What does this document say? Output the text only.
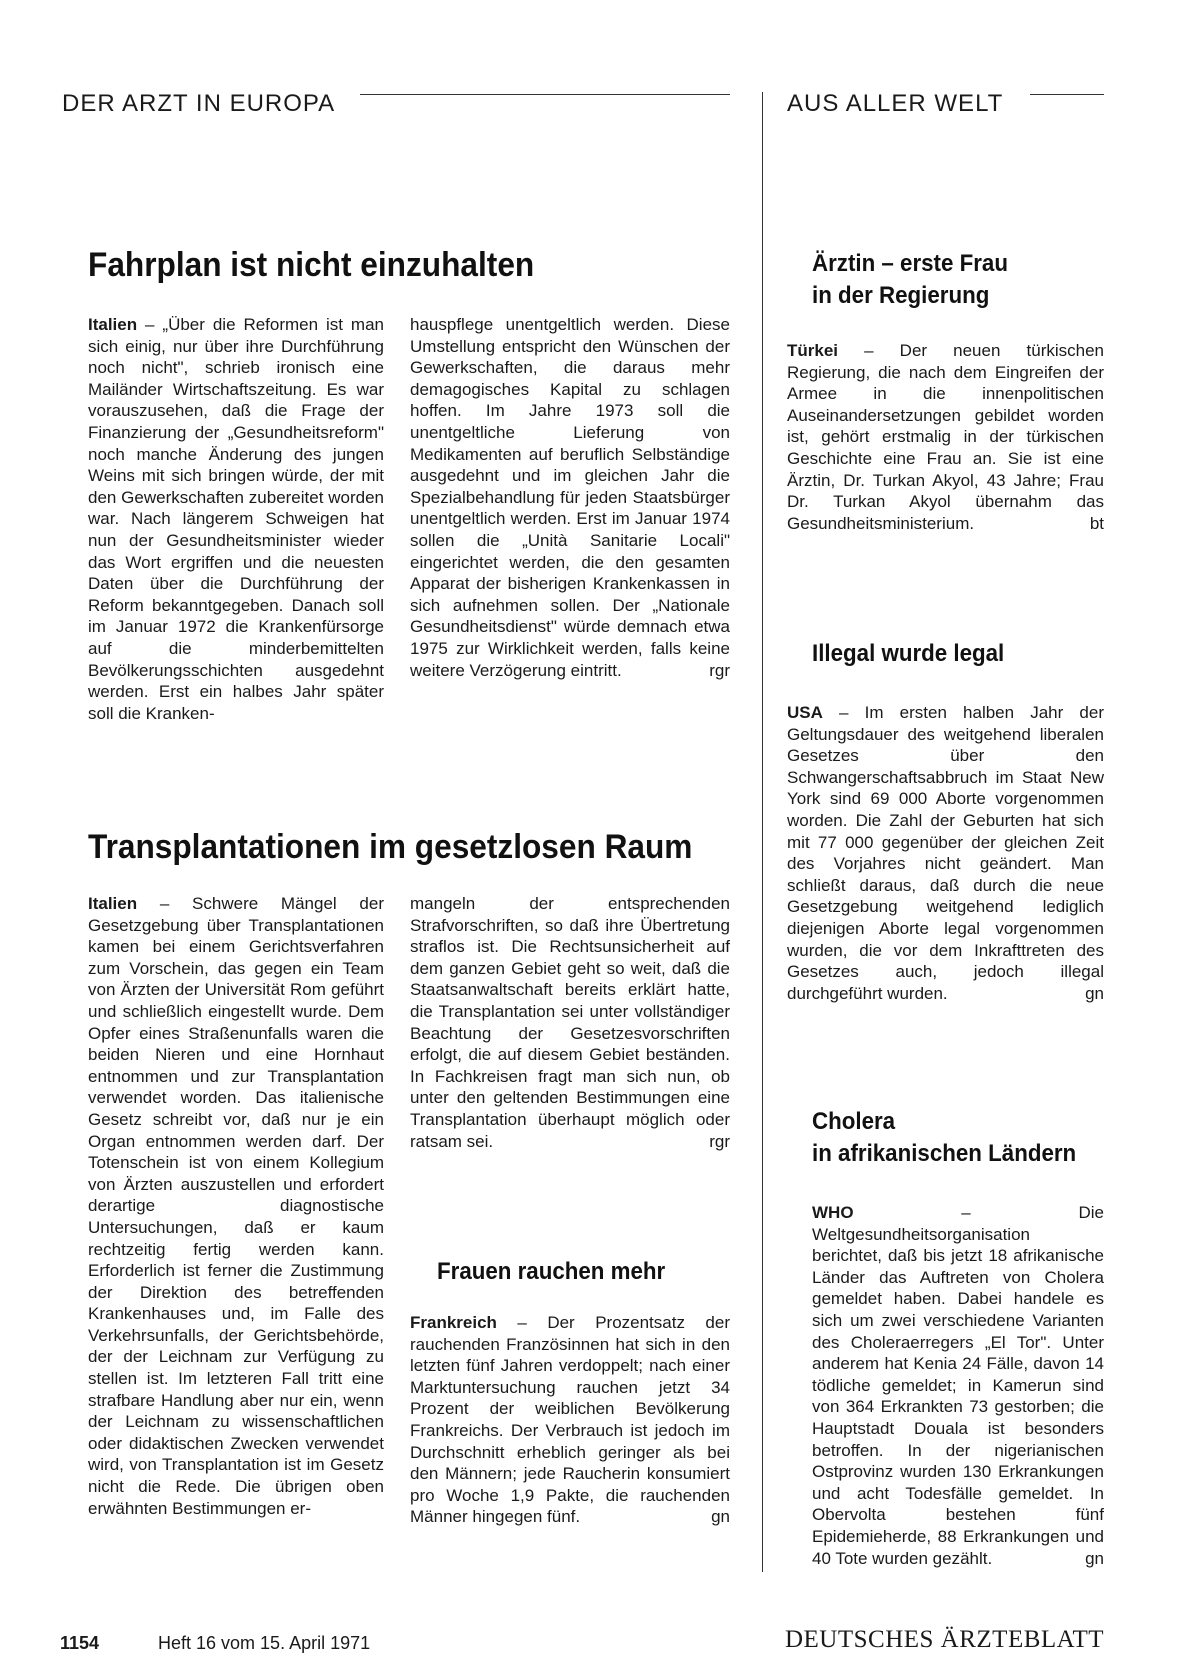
DER ARZT IN EUROPA	AUS ALLER WELT
Fahrplan ist nicht einzuhalten

Italien – „Über die Reformen ist man sich einig, nur über ihre Durchführung noch nicht", schrieb ironisch eine Mailänder Wirtschaftszeitung. Es war vorauszusehen, daß die Frage der Finanzierung der „Gesundheitsreform" noch manche Änderung des jungen Weins mit sich bringen würde, der mit den Gewerkschaften zubereitet worden war. Nach längerem Schweigen hat nun der Gesundheitsminister wieder das Wort ergriffen und die neuesten Daten über die Durchführung der Reform bekanntgegeben. Danach soll im Januar 1972 die Krankenfürsorge auf die minderbemittelten Bevölkerungsschichten ausgedehnt werden. Erst ein halbes Jahr später soll die Kranken-

hauspflege unentgeltlich werden. Diese Umstellung entspricht den Wünschen der Gewerkschaften, die daraus mehr demagogisches Kapital zu schlagen hoffen. Im Jahre 1973 soll die unentgeltliche Lieferung von Medikamenten auf beruflich Selbständige ausgedehnt und im gleichen Jahr die Spezialbehandlung für jeden Staatsbürger unentgeltlich werden. Erst im Januar 1974 sollen die „Unità Sanitarie Locali" eingerichtet werden, die den gesamten Apparat der bisherigen Krankenkassen in sich aufnehmen sollen. Der „Nationale Gesundheitsdienst" würde demnach etwa 1975 zur Wirklichkeit werden, falls keine weitere Verzögerung eintritt.	rgr

Transplantationen im gesetzlosen Raum

Italien – Schwere Mängel der Gesetzgebung über Transplantationen kamen bei einem Gerichtsverfahren zum Vorschein, das gegen ein Team von Ärzten der Universität Rom geführt und schließlich eingestellt wurde. Dem Opfer eines Straßenunfalls waren die beiden Nieren und eine Hornhaut entnommen und zur Transplantation verwendet worden. Das italienische Gesetz schreibt vor, daß nur je ein Organ entnommen werden darf. Der Totenschein ist von einem Kollegium von Ärzten auszustellen und erfordert derartige diagnostische Untersuchungen, daß er kaum rechtzeitig fertig werden kann. Erforderlich ist ferner die Zustimmung der Direktion des betreffenden Krankenhauses und, im Falle des Verkehrsunfalls, der Gerichtsbehörde, der der Leichnam zur Verfügung zu stellen ist. Im letzteren Fall tritt eine strafbare Handlung aber nur ein, wenn der Leichnam zu wissenschaftlichen oder didaktischen Zwecken verwendet wird, von Transplantation ist im Gesetz nicht die Rede. Die übrigen oben erwähnten Bestimmungen er-

mangeln der entsprechenden Strafvorschriften, so daß ihre Übertretung straflos ist. Die Rechtsunsicherheit auf dem ganzen Gebiet geht so weit, daß die Staatsanwaltschaft bereits erklärt hatte, die Transplantation sei unter vollständiger Beachtung der Gesetzesvorschriften erfolgt, die auf diesem Gebiet beständen. In Fachkreisen fragt man sich nun, ob unter den geltenden Bestimmungen eine Transplantation überhaupt möglich oder ratsam sei.	rgr

Frauen rauchen mehr

Frankreich – Der Prozentsatz der rauchenden Französinnen hat sich in den letzten fünf Jahren verdoppelt; nach einer Marktuntersuchung rauchen jetzt 34 Prozent der weiblichen Bevölkerung Frankreichs. Der Verbrauch ist jedoch im Durchschnitt erheblich geringer als bei den Männern; jede Raucherin konsumiert pro Woche 1,9 Pakte, die rauchenden Männer hingegen fünf.	gn

Ärztin – erste Frau
in der Regierung

Türkei – Der neuen türkischen Regierung, die nach dem Eingreifen der Armee in die innenpolitischen Auseinandersetzungen gebildet worden ist, gehört erstmalig in der türkischen Geschichte eine Frau an. Sie ist eine Ärztin, Dr. Turkan Akyol, 43 Jahre; Frau Dr. Turkan Akyol übernahm das Gesundheitsministerium.	bt

Illegal wurde legal

USA – Im ersten halben Jahr der Geltungsdauer des weitgehend liberalen Gesetzes über den Schwangerschaftsabbruch im Staat New York sind 69 000 Aborte vorgenommen worden. Die Zahl der Geburten hat sich mit 77 000 gegenüber der gleichen Zeit des Vorjahres nicht geändert. Man schließt daraus, daß durch die neue Gesetzgebung weitgehend lediglich diejenigen Aborte legal vorgenommen wurden, die vor dem Inkrafttreten des Gesetzes auch, jedoch illegal durchgeführt wurden.	gn

Cholera
in afrikanischen Ländern

WHO – Die Weltgesundheitsorganisation berichtet, daß bis jetzt 18 afrikanische Länder das Auftreten von Cholera gemeldet haben. Dabei handele es sich um zwei verschiedene Varianten des Choleraerregers „El Tor". Unter anderem hat Kenia 24 Fälle, davon 14 tödliche gemeldet; in Kamerun sind von 364 Erkrankten 73 gestorben; die Hauptstadt Douala ist besonders betroffen. In der nigerianischen Ostprovinz wurden 130 Erkrankungen und acht Todesfälle gemeldet. In Obervolta bestehen fünf Epidemieherde, 88 Erkrankungen und 40 Tote wurden gezählt.	gn

1154	Heft 16 vom 15. April 1971	DEUTSCHES ÄRZTEBLATT
